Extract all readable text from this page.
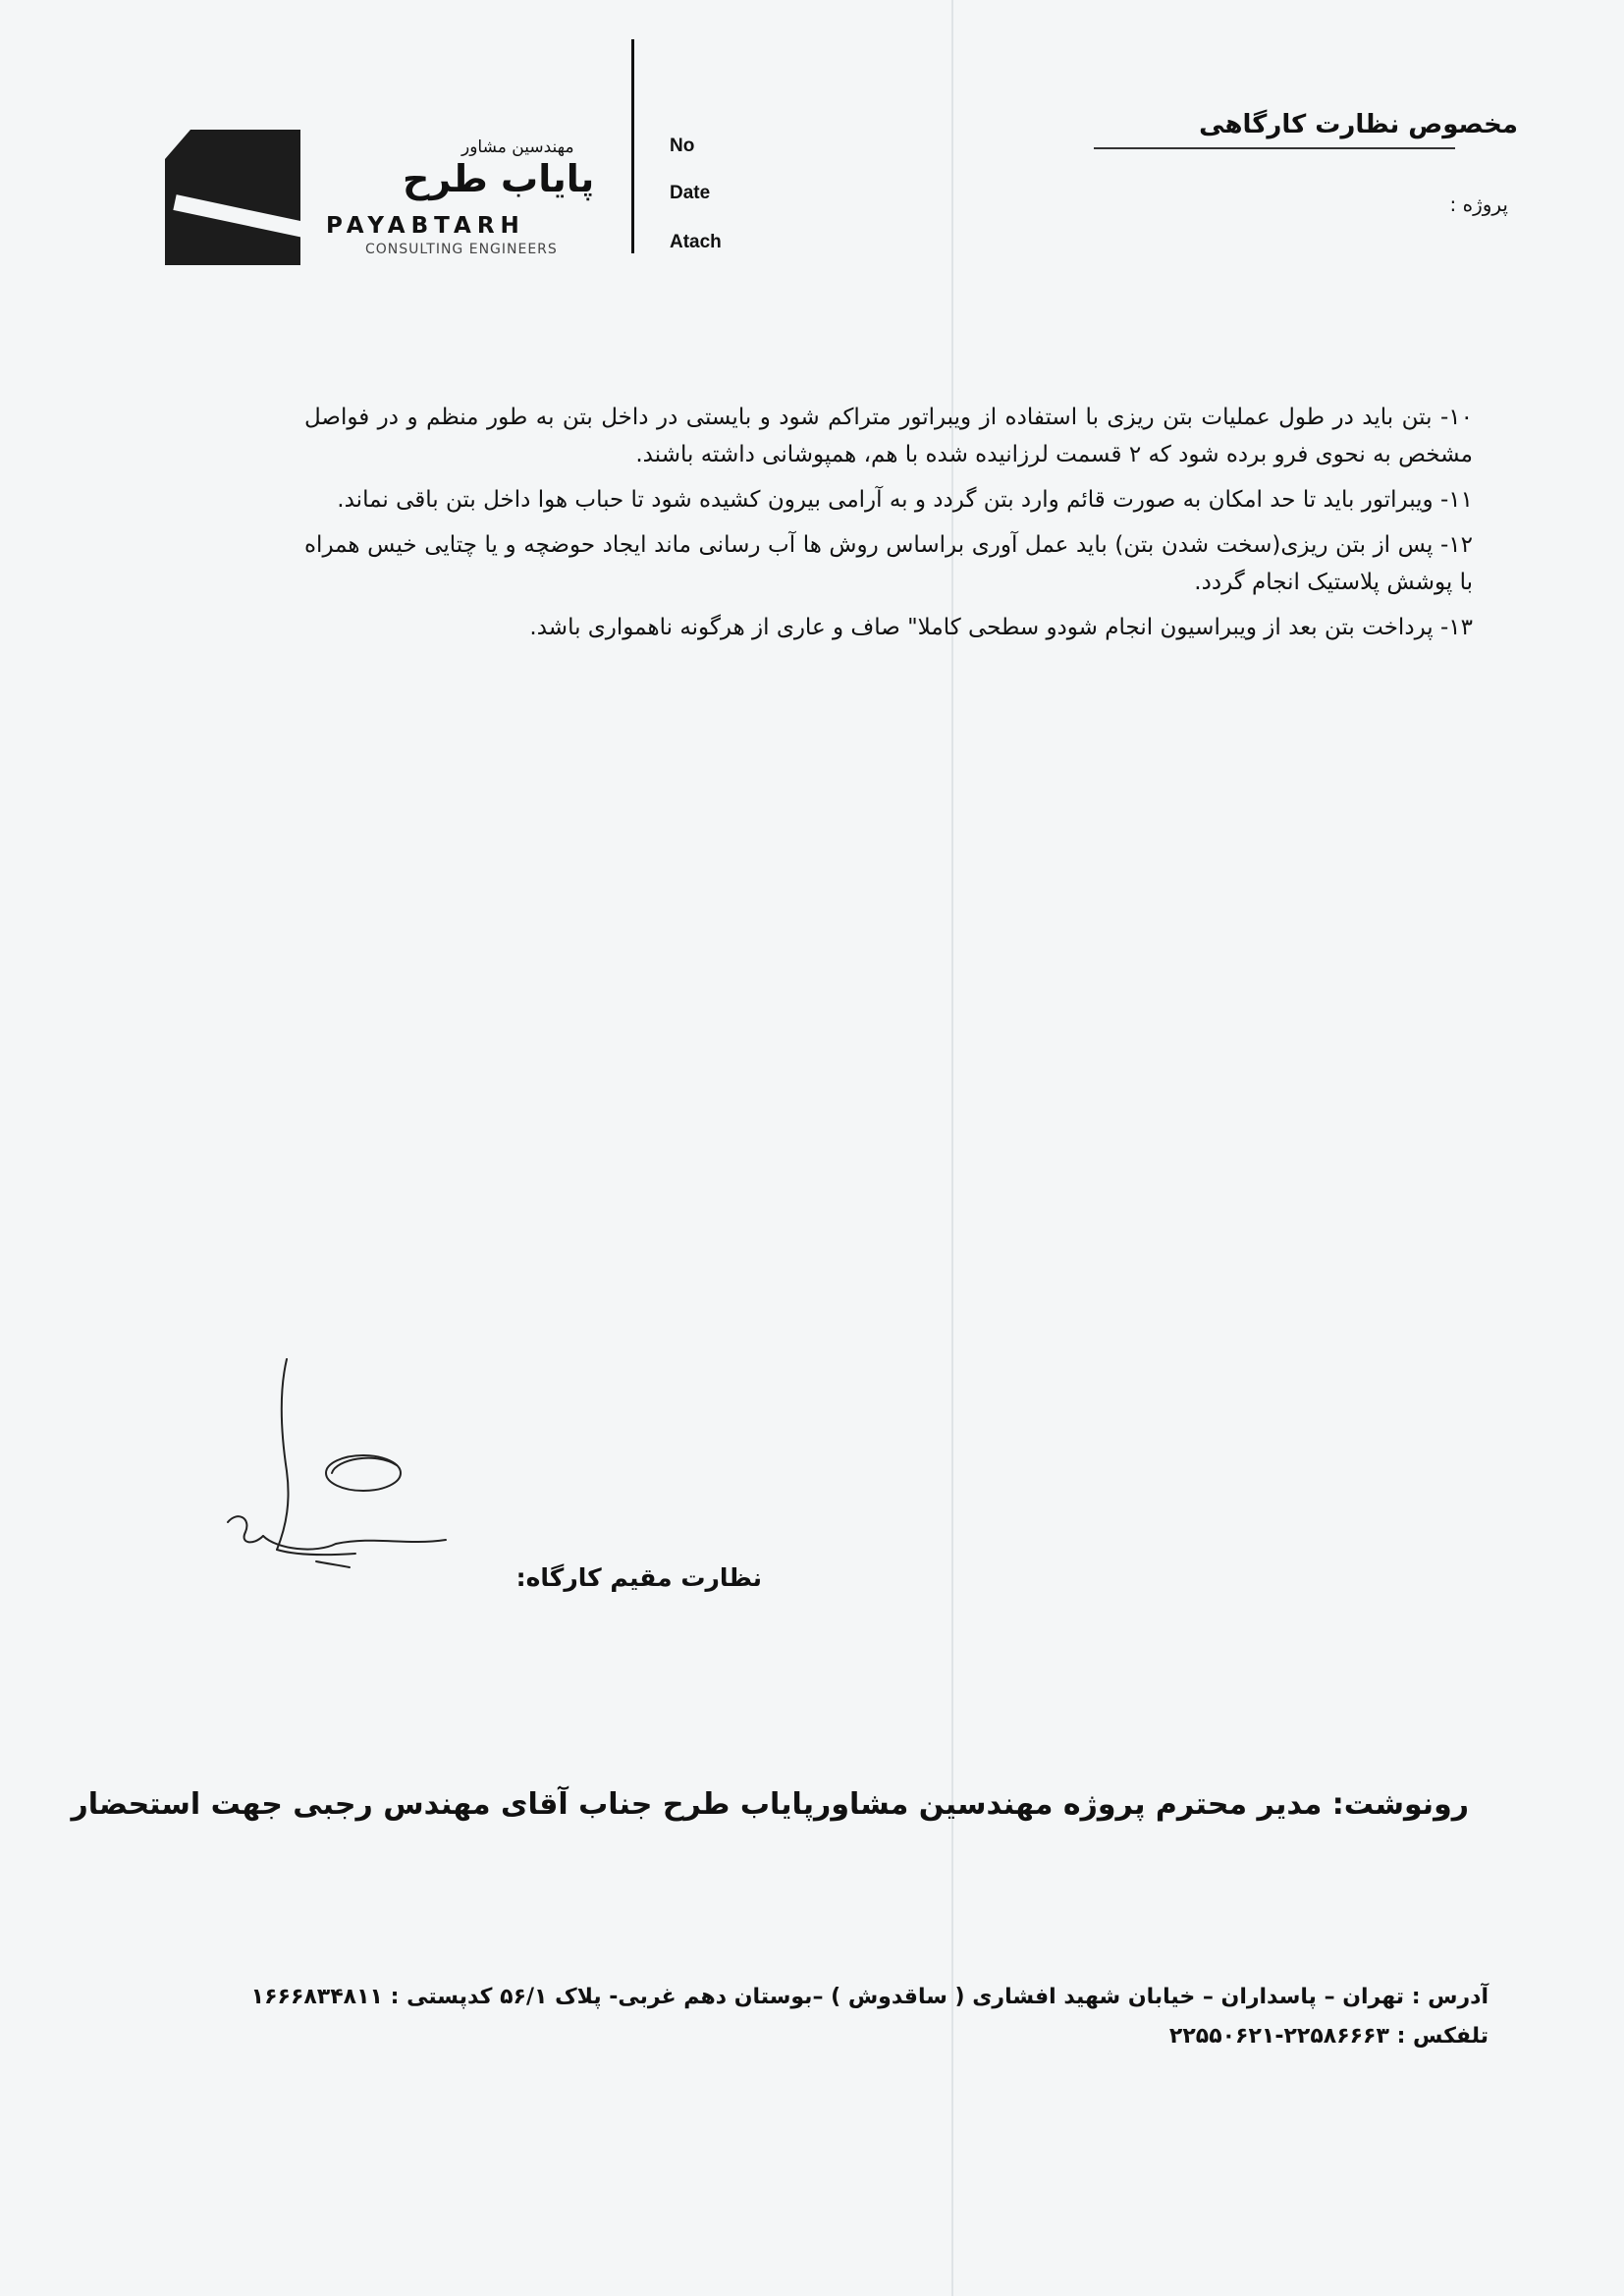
مهندسین مشاور
پایاب طرح
PAYABTARH
CONSULTING ENGINEERS
No
Date
Atach
مخصوص نظارت کارگاهی
پروژه :

۱۰- بتن باید در طول عملیات بتن ریزی با استفاده از ویبراتور متراکم شود و بایستی در داخل بتن به طور منظم و در فواصل مشخص به نحوی فرو برده شود که ۲ قسمت لرزانیده شده با هم، همپوشانی داشته باشند.

۱۱- ویبراتور باید تا حد امکان به صورت قائم وارد بتن گردد و به آرامی بیرون کشیده شود تا حباب هوا داخل بتن باقی نماند.

۱۲- پس از بتن ریزی(سخت شدن بتن) باید عمل آوری براساس روش ها آب رسانی ماند ایجاد حوضچه و یا چتایی خیس همراه با پوشش پلاستیک انجام گردد.

۱۳- پرداخت بتن بعد از ویبراسیون انجام شودو سطحی کاملا" صاف و عاری از هرگونه ناهمواری باشد.

نظارت مقیم کارگاه:
رونوشت: مدیر محترم پروژه مهندسین مشاورپایاب طرح جناب آقای مهندس رجبی جهت استحضار
آدرس : تهران – پاسداران – خیابان شهید افشاری ( ساقدوش ) –بوستان دهم غربی- پلاک ۵۶/۱ کدپستی : ۱۶۶۶۸۳۴۸۱۱
تلفکس : ۲۲۵۸۶۶۶۳-۲۲۵۵۰۶۲۱
